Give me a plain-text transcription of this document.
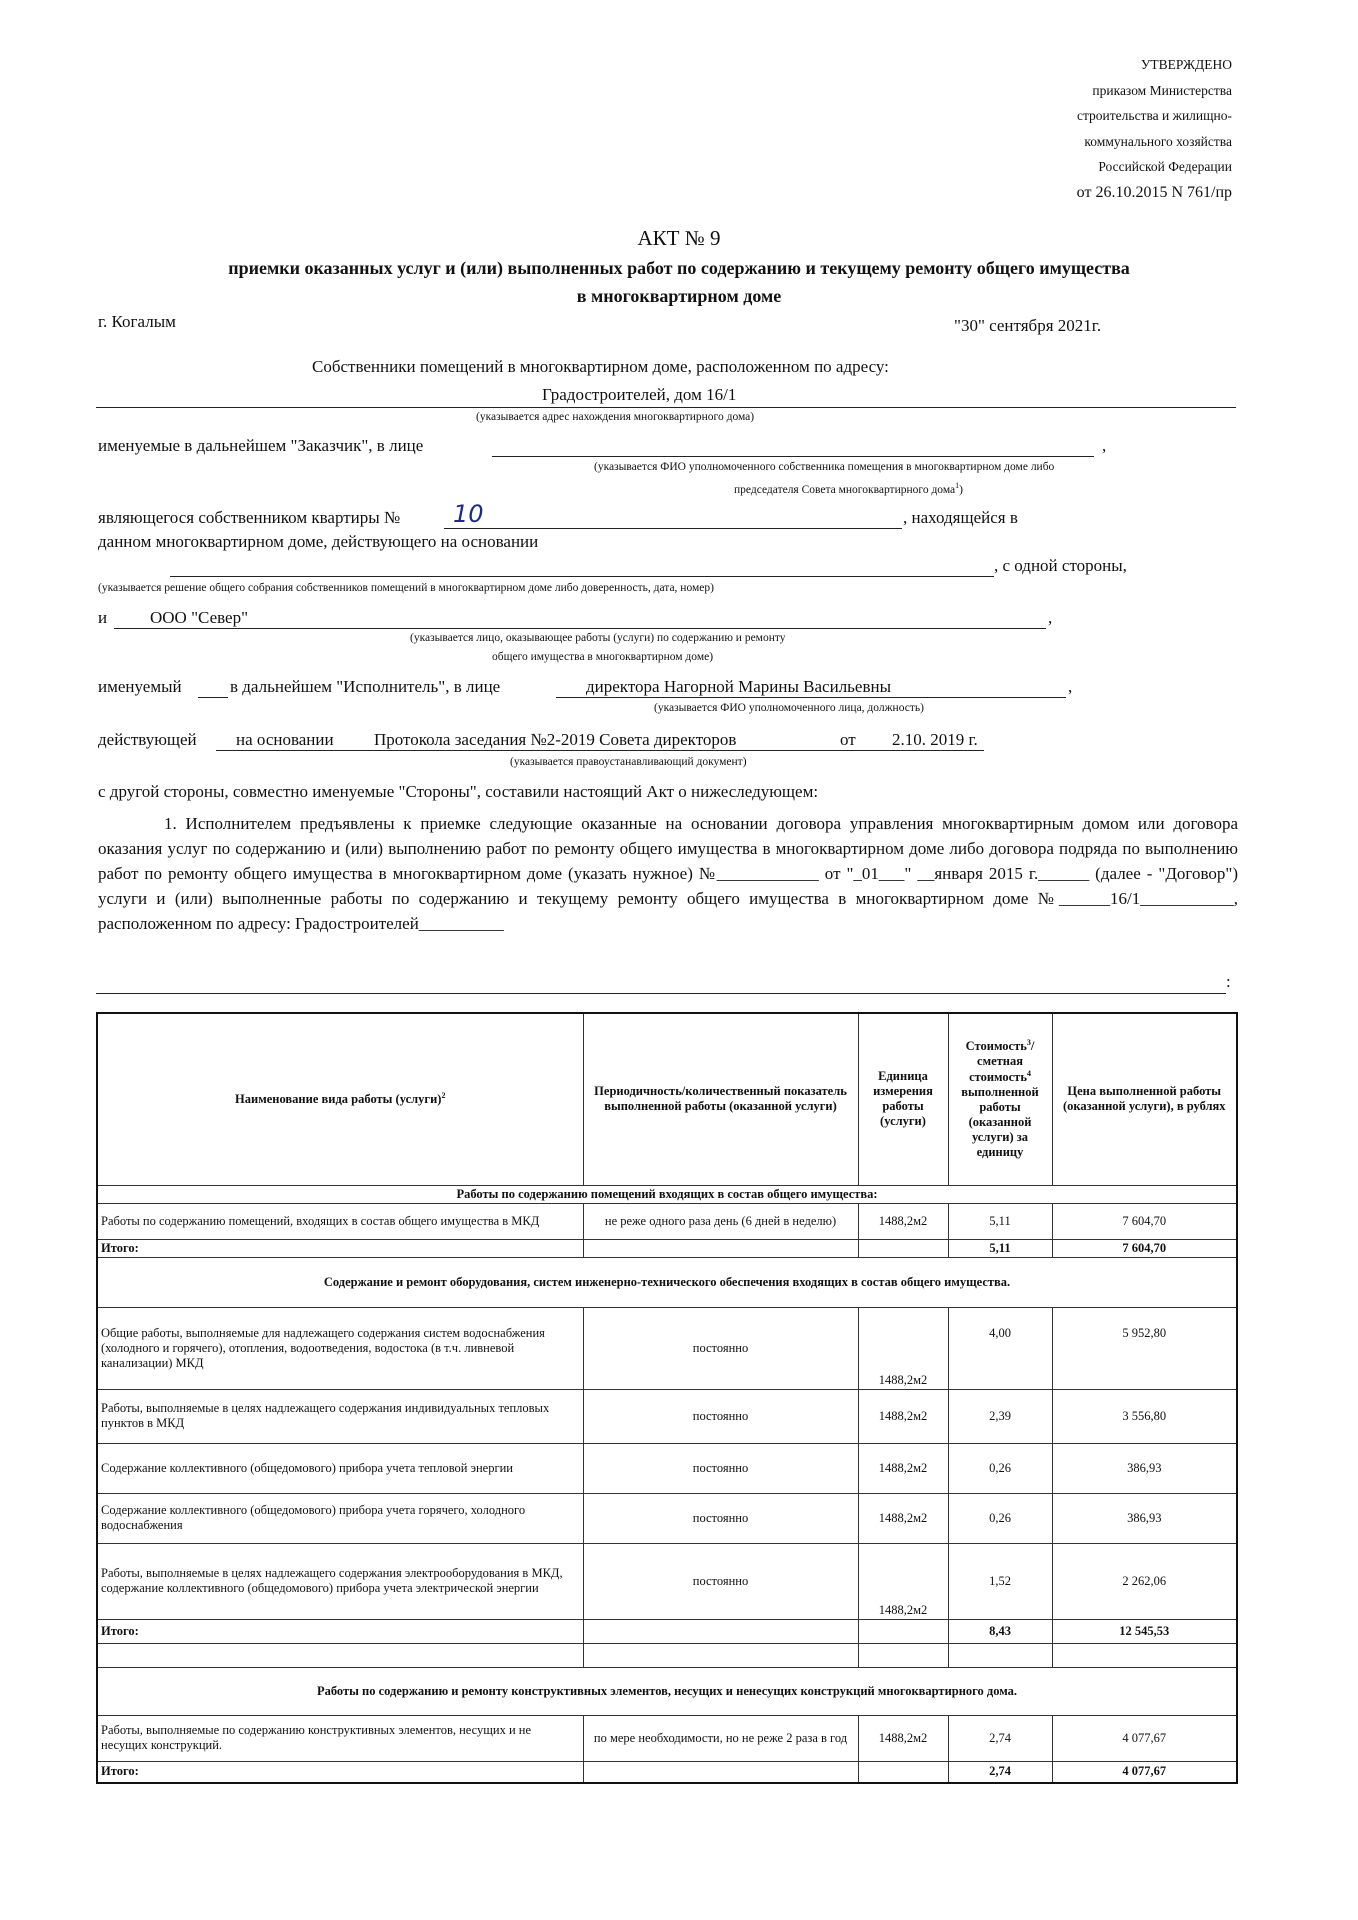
УТВЕРЖДЕНО
приказом Министерства
строительства и жилищно-
коммунального хозяйства
Российской Федерации
от 26.10.2015 N 761/пр
АКТ № 9
приемки оказанных услуг и (или) выполненных работ по содержанию и текущему ремонту общего имущества
в многоквартирном доме
г. Когалым	"30" сентября 2021г.
Собственники помещений в многоквартирном доме, расположенном по адресу:
Градостроителей, дом 16/1
(указывается адрес нахождения многоквартирного дома)
именуемые в дальнейшем "Заказчик", в лице	,
(указывается ФИО уполномоченного собственника помещения в многоквартирном доме либо
председателя Совета многоквартирного дома$^1$)
являющегося собственником квартиры № 10	, находящейся в
данном многоквартирном доме, действующего на основании
, с одной стороны,
(указывается решение общего собрания собственников помещений в многоквартирном доме либо доверенность, дата, номер)
и	ООО "Север"	,
(указывается лицо, оказывающее работы (услуги) по содержанию и ремонту
общего имущества в многоквартирном доме)
именуемый	в дальнейшем "Исполнитель", в лице	директора Нагорной Марины Васильевны	,
(указывается ФИО уполномоченного лица, должность)
действующей на основании Протокола заседания №2-2019 Совета директоров	от 2.10. 2019 г.
(указывается правоустанавливающий документ)
с другой стороны, совместно именуемые "Стороны", составили настоящий Акт о нижеследующем:
1. Исполнителем предъявлены к приемке следующие оказанные на основании договора управления многоквартирным домом или договора оказания услуг по содержанию и (или) выполнению работ по ремонту общего имущества в многоквартирном доме либо договора подряда по выполнению работ по ремонту общего имущества в многоквартирном доме (указать нужное) №____________ от "_01___" __января 2015 г.______ (далее - "Договор") услуги и (или) выполненные работы по содержанию и текущему ремонту общего имущества в многоквартирном доме №______16/1___________, расположенном по адресу: Градостроителей__________
:
Наименование вида работы (услуги)$^2$	Периодичность/количественный показатель выполненной работы (оказанной услуги)	Единица измерения работы (услуги)	Стоимость$^3$/сметная стоимость$^4$ выполненной работы (оказанной услуги) за единицу	Цена выполненной работы (оказанной услуги), в рублях
Работы по содержанию помещений входящих в состав общего имущества:				
Работы по содержанию помещений, входящих в состав общего имущества в МКД	не реже одного раза день (6 дней в неделю)	1488,2м2	5,11	7 604,70
Итого:			5,11	7 604,70
Содержание и ремонт оборудования, систем инженерно-технического обеспечения входящих в состав общего имущества.				
Общие работы, выполняемые для надлежащего содержания систем водоснабжения (холодного и горячего), отопления, водоотведения, водостока (в т.ч. ливневой канализации) МКД	постоянно	1488,2м2	4,00	5 952,80
Работы, выполняемые в целях надлежащего содержания индивидуальных тепловых пунктов в МКД	постоянно	1488,2м2	2,39	3 556,80
Содержание коллективного (общедомового) прибора учета тепловой энергии	постоянно	1488,2м2	0,26	386,93
Содержание коллективного (общедомового) прибора учета горячего, холодного водоснабжения	постоянно	1488,2м2	0,26	386,93
Работы, выполняемые в целях надлежащего содержания электрооборудования в МКД, содержание коллективного (общедомового) прибора учета электрической энергии	постоянно	1488,2м2	1,52	2 262,06
Итого:			8,43	12 545,53

Работы по содержанию и ремонту конструктивных элементов, несущих и ненесущих конструкций многоквартирного дома.				
Работы, выполняемые по содержанию конструктивных элементов, несущих и не несущих конструкций.	по мере необходимости, но не реже 2 раза в год	1488,2м2	2,74	4 077,67
Итого:			2,74	4 077,67
